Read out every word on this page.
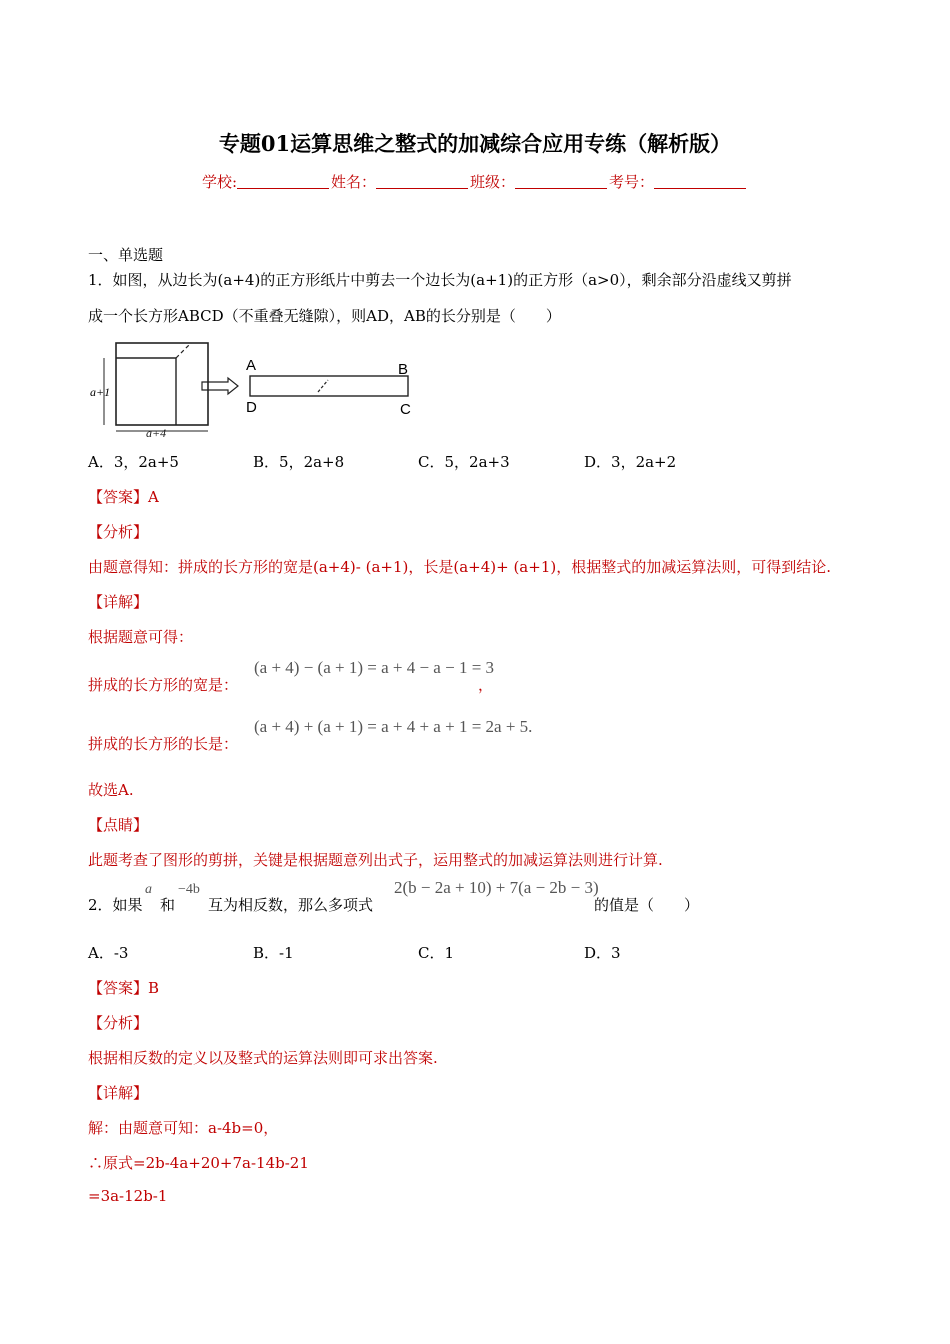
专题01运算思维之整式的加减综合应用专练（解析版）
学校:	姓名：	班级：	考号：
一、单选题
1．如图，从边长为(a+4)的正方形纸片中剪去一个边长为(a+1)的正方形（a>0），剩余部分沿虚线又剪拼
成一个长方形ABCD（不重叠无缝隙），则AD，AB的长分别是（　　）
a+1
a+4
A	B
D	C
A．3，2a+5	B．5，2a+8	C．5，2a+3	D．3，2a+2
【答案】A
【分析】
由题意得知：拼成的长方形的宽是(a+4)- (a+1)，长是(a+4)+ (a+1)，根据整式的加减运算法则，可得到结论.
【详解】
根据题意可得：
拼成的长方形的宽是：
(a + 4) − (a + 1) = a + 4 − a − 1 = 3
，
拼成的长方形的长是：
(a + 4) + (a + 1) = a + 4 + a + 1 = 2a + 5.
故选A.
【点睛】
此题考查了图形的剪拼，关键是根据题意列出式子，运用整式的加减运算法则进行计算.
2．如果
a
和
−4b
互为相反数，那么多项式
2(b − 2a + 10) + 7(a − 2b − 3)
的值是（　　）
A．-3	B．-1	C．1	D．3
【答案】B
【分析】
根据相反数的定义以及整式的运算法则即可求出答案.
【详解】
解：由题意可知：a-4b=0，
∴原式=2b-4a+20+7a-14b-21
=3a-12b-1
